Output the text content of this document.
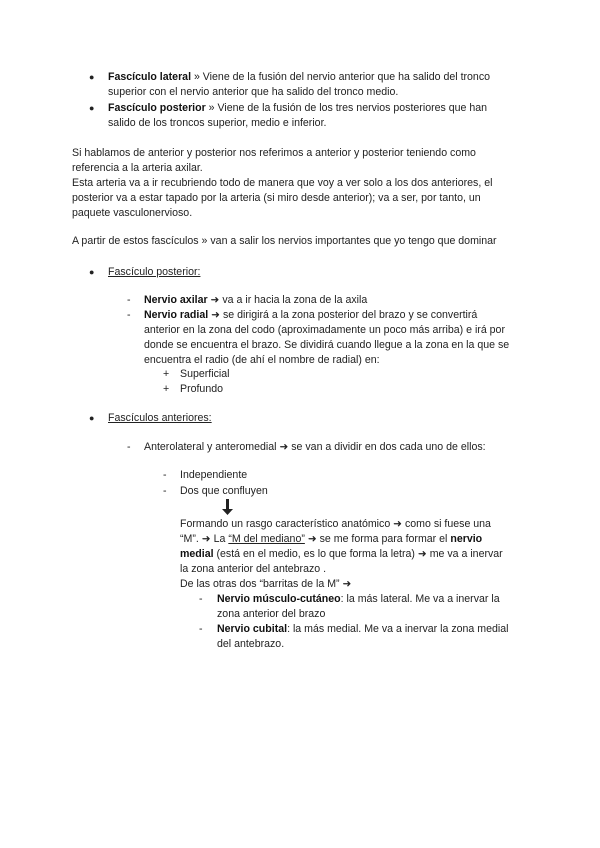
● Fascículo lateral » Viene de la fusión del nervio anterior que ha salido del tronco
superior con el nervio anterior que ha salido del tronco medio.
● Fascículo posterior » Viene de la fusión de los tres nervios posteriores que han
salido de los troncos superior, medio e inferior.
Si hablamos de anterior y posterior nos referimos a anterior y posterior teniendo como
referencia a la arteria axilar.
Esta arteria va a ir recubriendo todo de manera que voy a ver solo a los dos anteriores, el
posterior va a estar tapado por la arteria (si miro desde anterior); va a ser, por tanto, un
paquete vasculonervioso.
A partir de estos fascículos » van a salir los nervios importantes que yo tengo que dominar
● Fascículo posterior:
- Nervio axilar ➜ va a ir hacia la zona de la axila
- Nervio radial ➜ se dirigirá a la zona posterior del brazo y se convertirá
anterior en la zona del codo (aproximadamente un poco más arriba) e irá por
donde se encuentra el brazo. Se dividirá cuando llegue a la zona en la que se
encuentra el radio (de ahí el nombre de radial) en:
+ Superficial
+ Profundo
● Fascículos anteriores:
- Anterolateral y anteromedial ➜ se van a dividir en dos cada uno de ellos:
- Independiente
- Dos que confluyen
Formando un rasgo característico anatómico ➜ como si fuese una
“M”. ➜ La “M del mediano” ➜ se me forma para formar el nervio
medial (está en el medio, es lo que forma la letra) ➜ me va a inervar
la zona anterior del antebrazo .
De las otras dos “barritas de la M” ➜
- Nervio músculo-cutáneo: la más lateral. Me va a inervar la
zona anterior del brazo
- Nervio cubital: la más medial. Me va a inervar la zona medial
del antebrazo.
